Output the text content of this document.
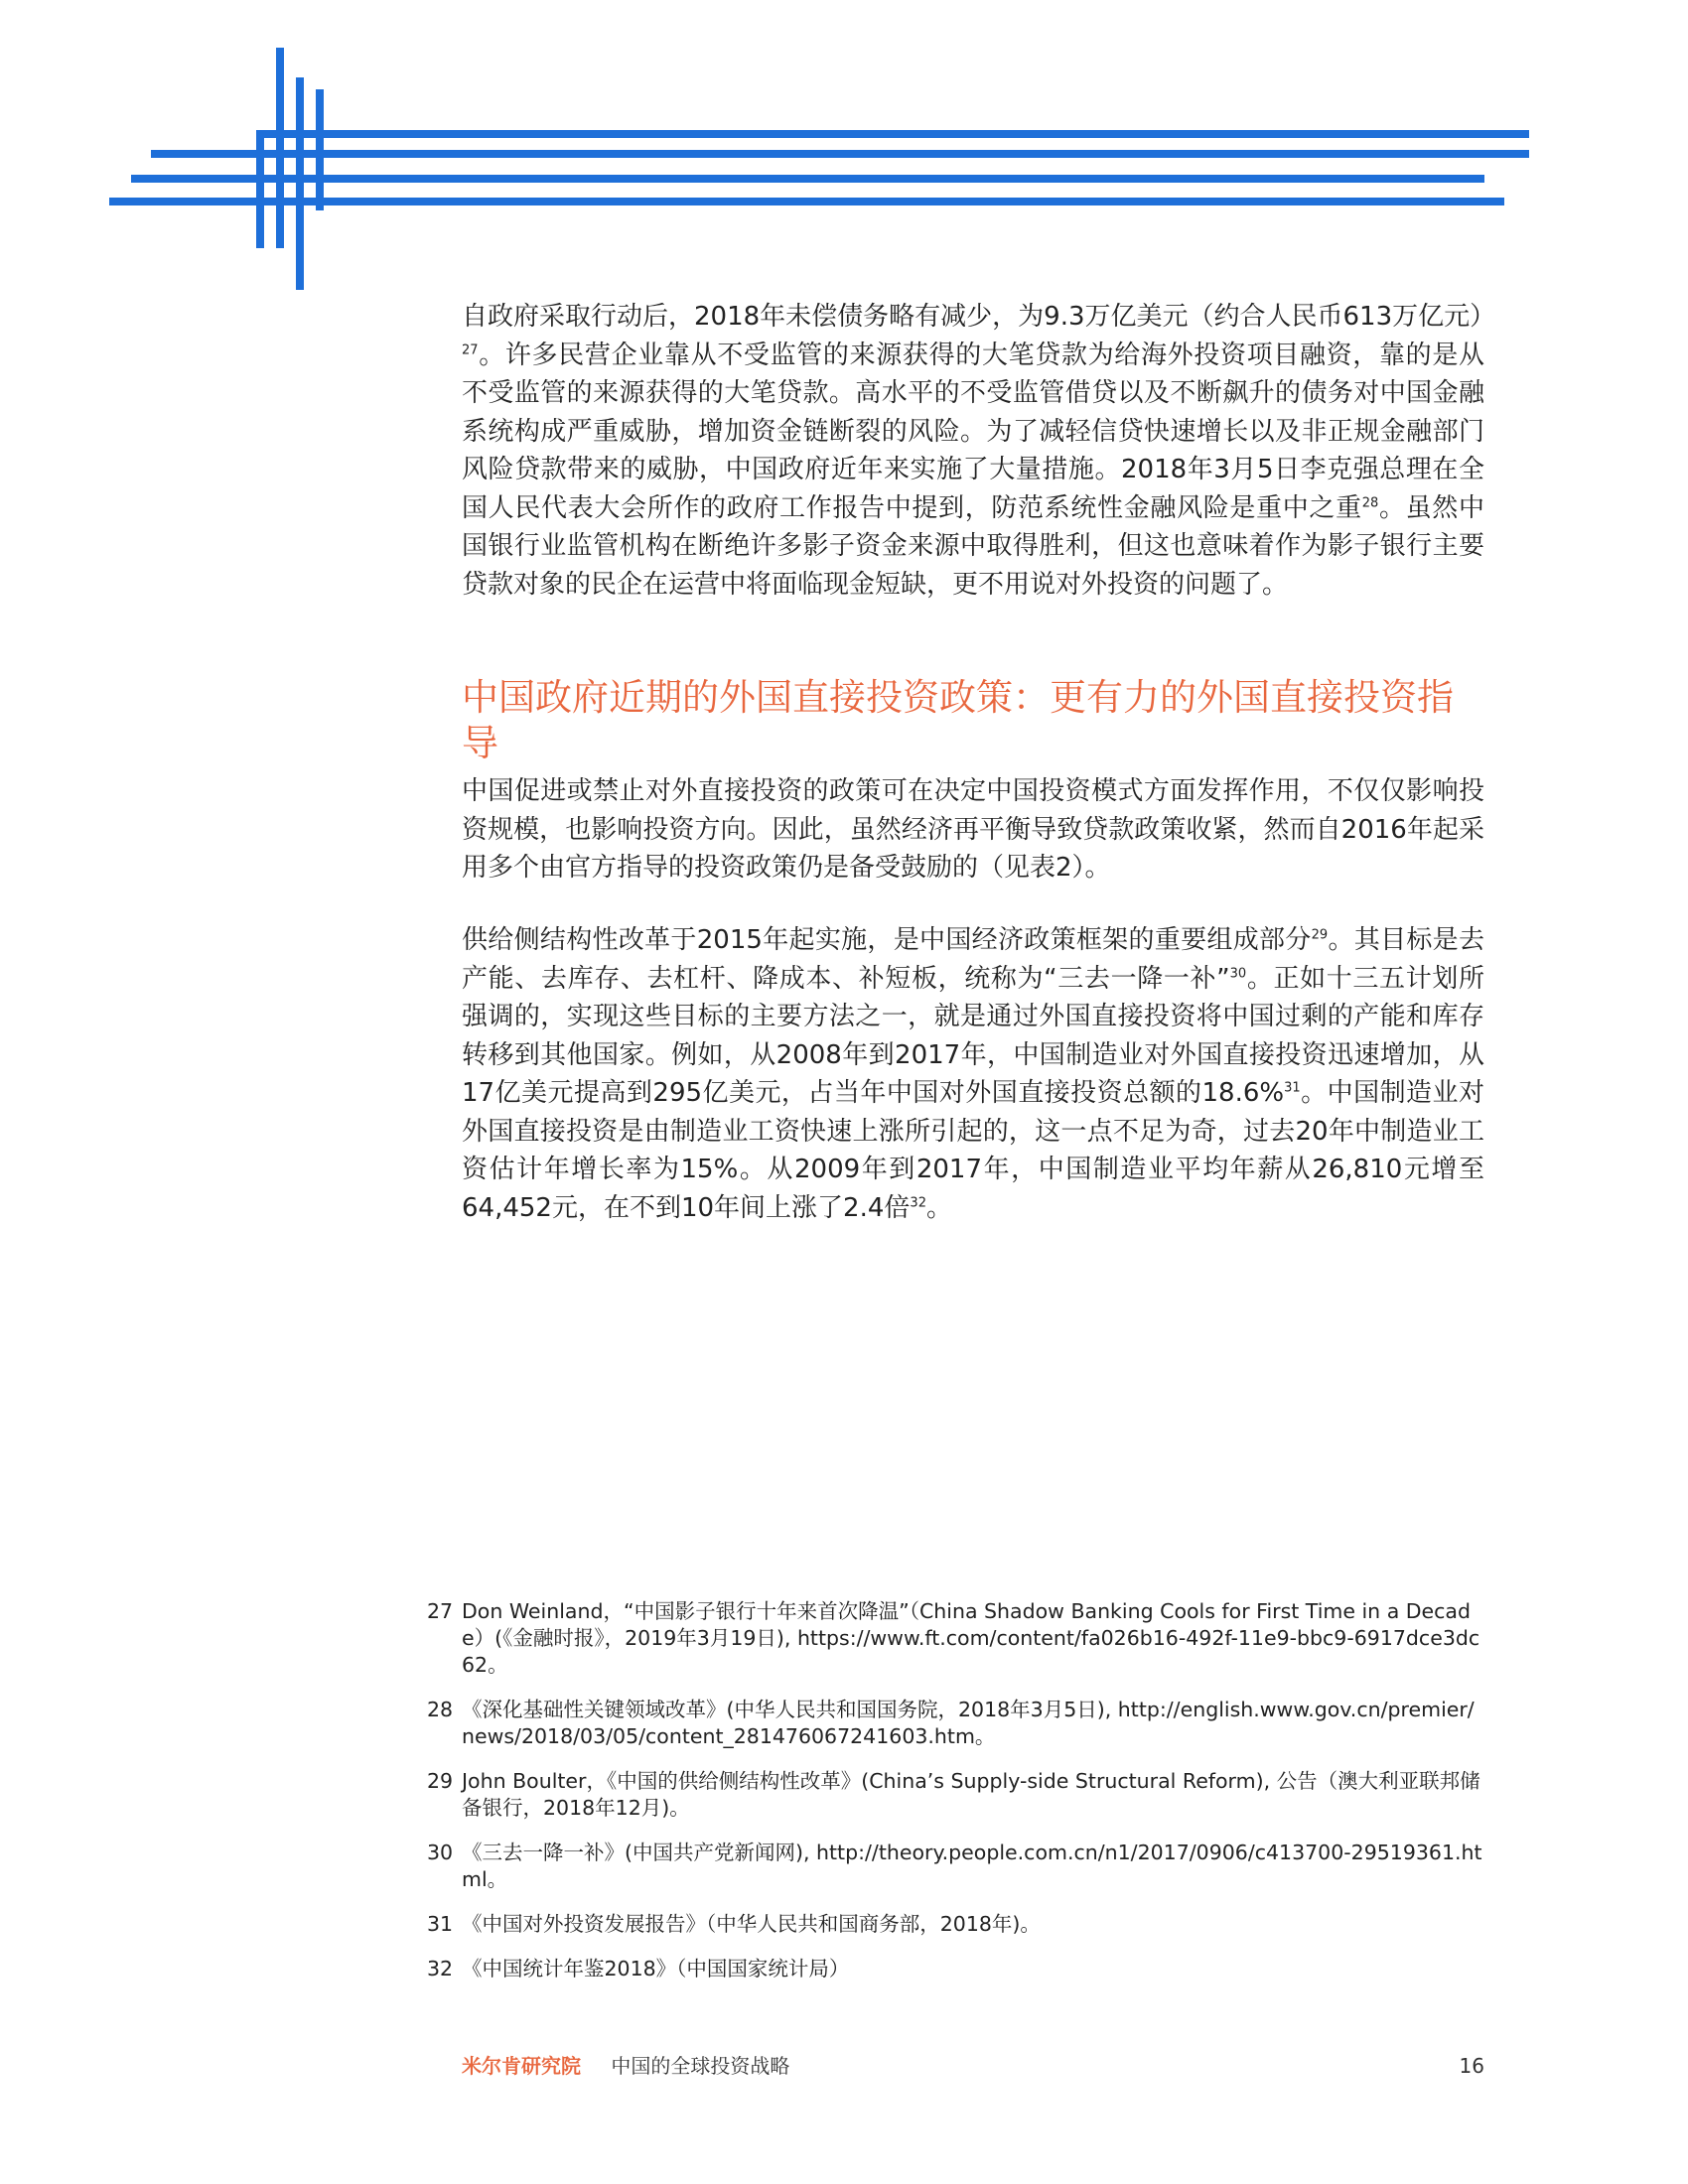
自政府采取行动后，2018年未偿债务略有减少，为9.3万亿美元（约合人民币613万亿元）$^{27}$。许多民营企业靠从不受监管的来源获得的大笔贷款为给海外投资项目融资，靠的是从不受监管的来源获得的大笔贷款。高水平的不受监管借贷以及不断飙升的债务对中国金融系统构成严重威胁，增加资金链断裂的风险。为了减轻信贷快速增长以及非正规金融部门风险贷款带来的威胁，中国政府近年来实施了大量措施。2018年3月5日李克强总理在全国人民代表大会所作的政府工作报告中提到，防范系统性金融风险是重中之重$^{28}$。虽然中国银行业监管机构在断绝许多影子资金来源中取得胜利，但这也意味着作为影子银行主要贷款对象的民企在运营中将面临现金短缺，更不用说对外投资的问题了。

中国政府近期的外国直接投资政策：更有力的外国直接投资指导

中国促进或禁止对外直接投资的政策可在决定中国投资模式方面发挥作用，不仅仅影响投资规模，也影响投资方向。因此，虽然经济再平衡导致贷款政策收紧，然而自2016年起采用多个由官方指导的投资政策仍是备受鼓励的（见表2）。

供给侧结构性改革于2015年起实施，是中国经济政策框架的重要组成部分$^{29}$。其目标是去产能、去库存、去杠杆、降成本、补短板，统称为“三去一降一补”$^{30}$。正如十三五计划所强调的，实现这些目标的主要方法之一，就是通过外国直接投资将中国过剩的产能和库存转移到其他国家。例如，从2008年到2017年，中国制造业对外国直接投资迅速增加，从17亿美元提高到295亿美元，占当年中国对外国直接投资总额的18.6%$^{31}$。中国制造业对外国直接投资是由制造业工资快速上涨所引起的，这一点不足为奇，过去20年中制造业工资估计年增长率为15%。从2009年到2017年，中国制造业平均年薪从26,810元增至64,452元，在不到10年间上涨了2.4倍$^{32}$。

27 Don Weinland，“中国影子银行十年来首次降温”（China Shadow Banking Cools for First Time in a Decade）(《金融时报》，2019年3月19日), https://www.ft.com/content/fa026b16-492f-11e9-bbc9-6917dce3dc62。
28 《深化基础性关键领域改革》(中华人民共和国国务院，2018年3月5日), http://english.www.gov.cn/premier/news/2018/03/05/content_281476067241603.htm。
29 John Boulter，《中国的供给侧结构性改革》(China’s Supply-side Structural Reform), 公告（澳大利亚联邦储备银行，2018年12月)。
30 《三去一降一补》(中国共产党新闻网), http://theory.people.com.cn/n1/2017/0906/c413700-29519361.html。
31 《中国对外投资发展报告》（中华人民共和国商务部，2018年)。
32 《中国统计年鉴2018》（中国国家统计局）
米尔肯研究院 中国的全球投资战略	16
